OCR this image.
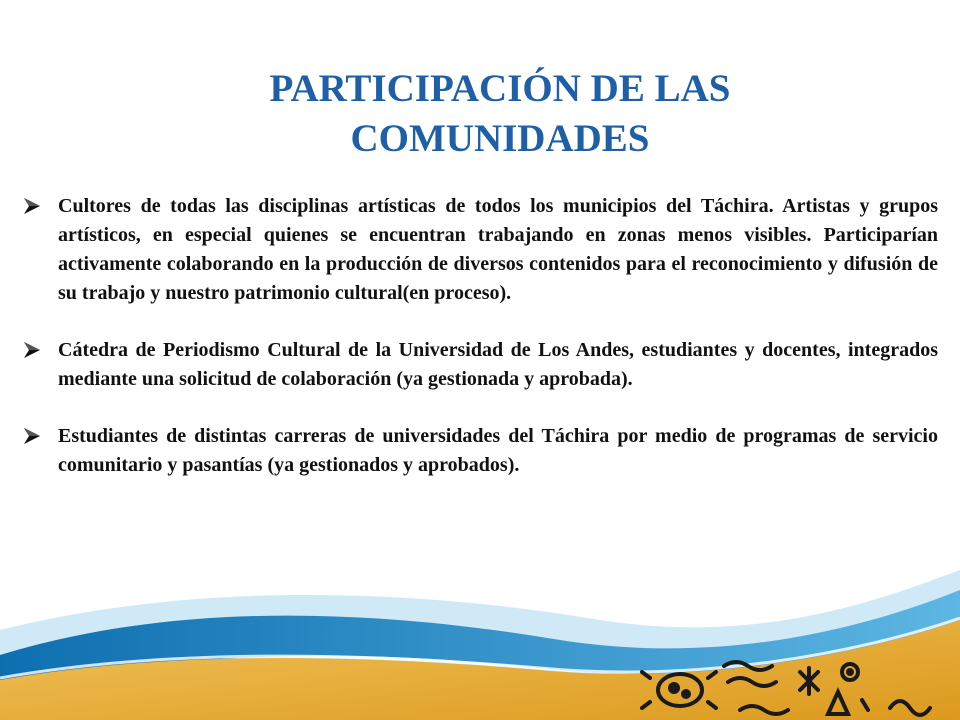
PARTICIPACIÓN DE LAS
COMUNIDADES
Cultores de todas las disciplinas artísticas de todos los municipios del Táchira. Artistas y grupos artísticos, en especial quienes se encuentran trabajando en zonas menos visibles. Participarían activamente colaborando en la producción de diversos contenidos para el reconocimiento y difusión de su trabajo y nuestro patrimonio cultural(en proceso).
Cátedra de Periodismo Cultural de la Universidad de Los Andes, estudiantes y docentes, integrados mediante una solicitud de colaboración (ya gestionada y aprobada).
Estudiantes de distintas carreras de universidades del Táchira por medio de programas de servicio comunitario y pasantías (ya gestionados y aprobados).
